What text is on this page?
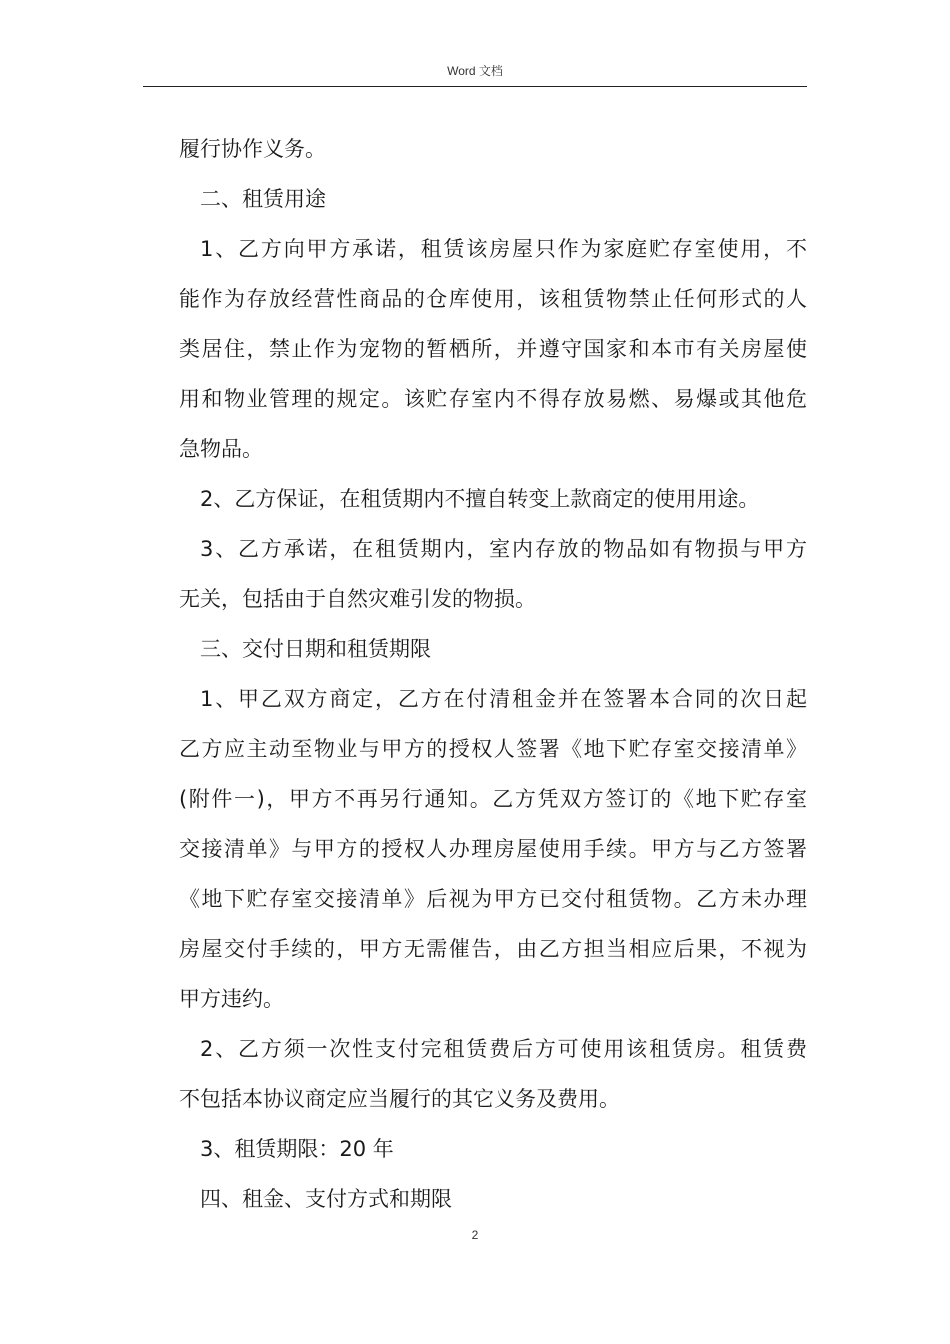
Word 文档
履行协作义务。
二、租赁用途
1、乙方向甲方承诺，租赁该房屋只作为家庭贮存室使用，不
能作为存放经营性商品的仓库使用，该租赁物禁止任何形式的人
类居住，禁止作为宠物的暂栖所，并遵守国家和本市有关房屋使
用和物业管理的规定。该贮存室内不得存放易燃、易爆或其他危
急物品。
2、乙方保证，在租赁期内不擅自转变上款商定的使用用途。
3、乙方承诺，在租赁期内，室内存放的物品如有物损与甲方
无关，包括由于自然灾难引发的物损。
三、交付日期和租赁期限
1、甲乙双方商定，乙方在付清租金并在签署本合同的次日起
乙方应主动至物业与甲方的授权人签署《地下贮存室交接清单》
(附件一)，甲方不再另行通知。乙方凭双方签订的《地下贮存室
交接清单》与甲方的授权人办理房屋使用手续。甲方与乙方签署
《地下贮存室交接清单》后视为甲方已交付租赁物。乙方未办理
房屋交付手续的，甲方无需催告，由乙方担当相应后果，不视为
甲方违约。
2、乙方须一次性支付完租赁费后方可使用该租赁房。租赁费
不包括本协议商定应当履行的其它义务及费用。
3、租赁期限：20 年
四、租金、支付方式和期限
2
